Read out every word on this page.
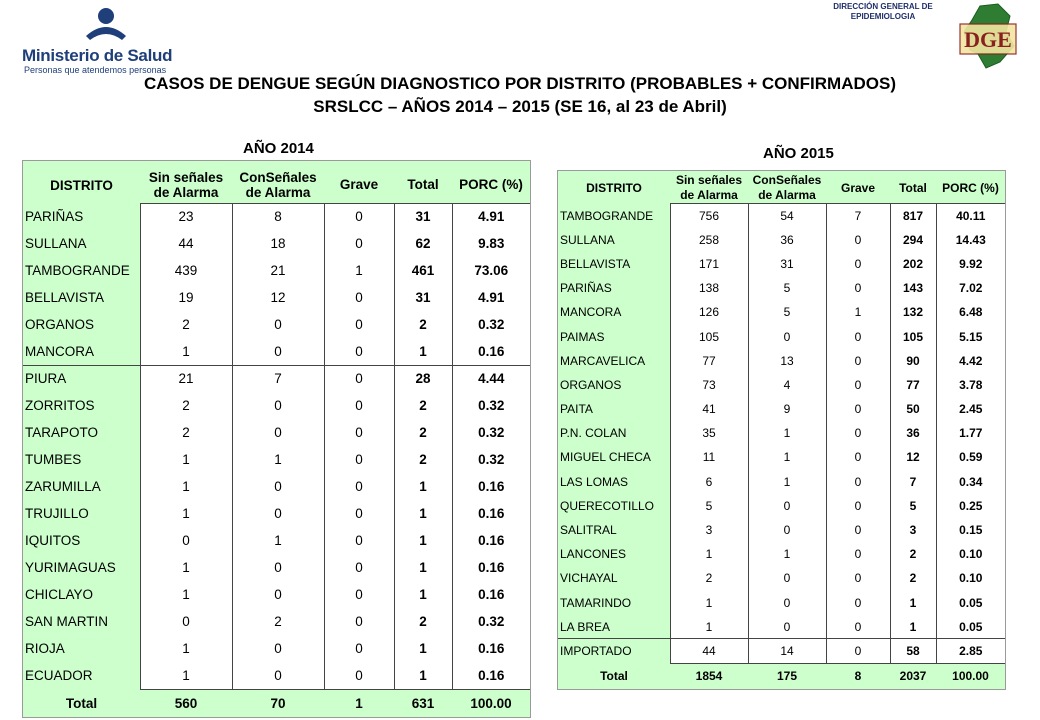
Ministerio de Salud
Personas que atendemos personas
DIRECCIÓN GENERAL DE
EPIDEMIOLOGIA
DGE
CASOS DE DENGUE SEGÚN DIAGNOSTICO POR DISTRITO (PROBABLES + CONFIRMADOS)
SRSLCC – AÑOS 2014 – 2015 (SE 16, al 23 de Abril)
AÑO 2014
DISTRITO	Sin señales de Alarma	ConSeñales de Alarma	Grave	Total	PORC (%)
PARIÑAS	23	8	0	31	4.91
SULLANA	44	18	0	62	9.83
TAMBOGRANDE	439	21	1	461	73.06
BELLAVISTA	19	12	0	31	4.91
ORGANOS	2	0	0	2	0.32
MANCORA	1	0	0	1	0.16
PIURA	21	7	0	28	4.44
ZORRITOS	2	0	0	2	0.32
TARAPOTO	2	0	0	2	0.32
TUMBES	1	1	0	2	0.32
ZARUMILLA	1	0	0	1	0.16
TRUJILLO	1	0	0	1	0.16
IQUITOS	0	1	0	1	0.16
YURIMAGUAS	1	0	0	1	0.16
CHICLAYO	1	0	0	1	0.16
SAN MARTIN	0	2	0	2	0.32
RIOJA	1	0	0	1	0.16
ECUADOR	1	0	0	1	0.16
Total	560	70	1	631	100.00
AÑO 2015
DISTRITO	Sin señales de Alarma	ConSeñales de Alarma	Grave	Total	PORC (%)
TAMBOGRANDE	756	54	7	817	40.11
SULLANA	258	36	0	294	14.43
BELLAVISTA	171	31	0	202	9.92
PARIÑAS	138	5	0	143	7.02
MANCORA	126	5	1	132	6.48
PAIMAS	105	0	0	105	5.15
MARCAVELICA	77	13	0	90	4.42
ORGANOS	73	4	0	77	3.78
PAITA	41	9	0	50	2.45
P.N. COLAN	35	1	0	36	1.77
MIGUEL CHECA	11	1	0	12	0.59
LAS LOMAS	6	1	0	7	0.34
QUERECOTILLO	5	0	0	5	0.25
SALITRAL	3	0	0	3	0.15
LANCONES	1	1	0	2	0.10
VICHAYAL	2	0	0	2	0.10
TAMARINDO	1	0	0	1	0.05
LA BREA	1	0	0	1	0.05
IMPORTADO	44	14	0	58	2.85
Total	1854	175	8	2037	100.00
